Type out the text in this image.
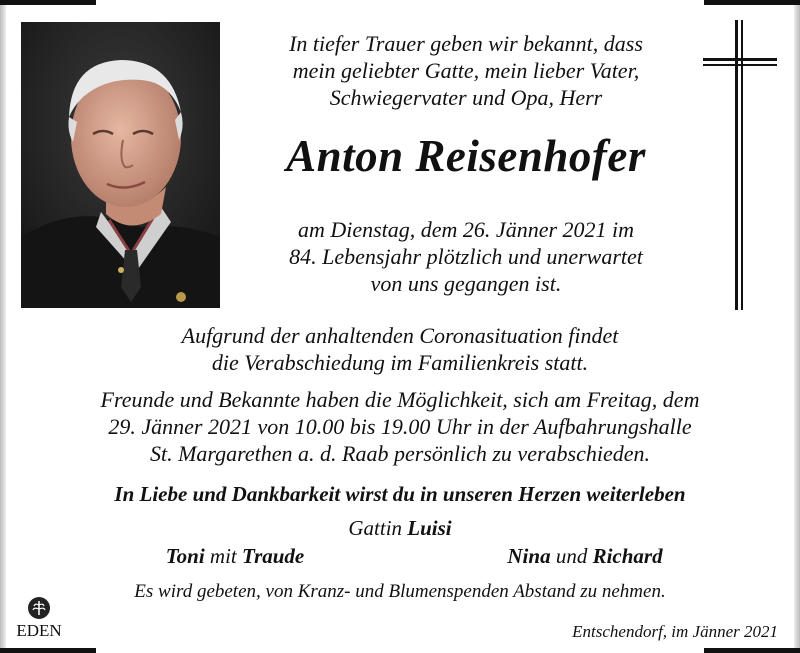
In tiefer Trauer geben wir bekannt, dass
mein geliebter Gatte, mein lieber Vater,
Schwiegervater und Opa, Herr
Anton Reisenhofer
am Dienstag, dem 26. Jänner 2021 im
84. Lebensjahr plötzlich und unerwartet
von uns gegangen ist.
Aufgrund der anhaltenden Coronasituation findet
die Verabschiedung im Familienkreis statt.
Freunde und Bekannte haben die Möglichkeit, sich am Freitag, dem
29. Jänner 2021 von 10.00 bis 19.00 Uhr in der Aufbahrungshalle
St. Margarethen a. d. Raab persönlich zu verabschieden.
In Liebe und Dankbarkeit wirst du in unseren Herzen weiterleben
Gattin Luisi
Toni mit Traude	Nina und Richard
Es wird gebeten, von Kranz- und Blumenspenden Abstand zu nehmen.
EDEN	Entschendorf, im Jänner 2021
